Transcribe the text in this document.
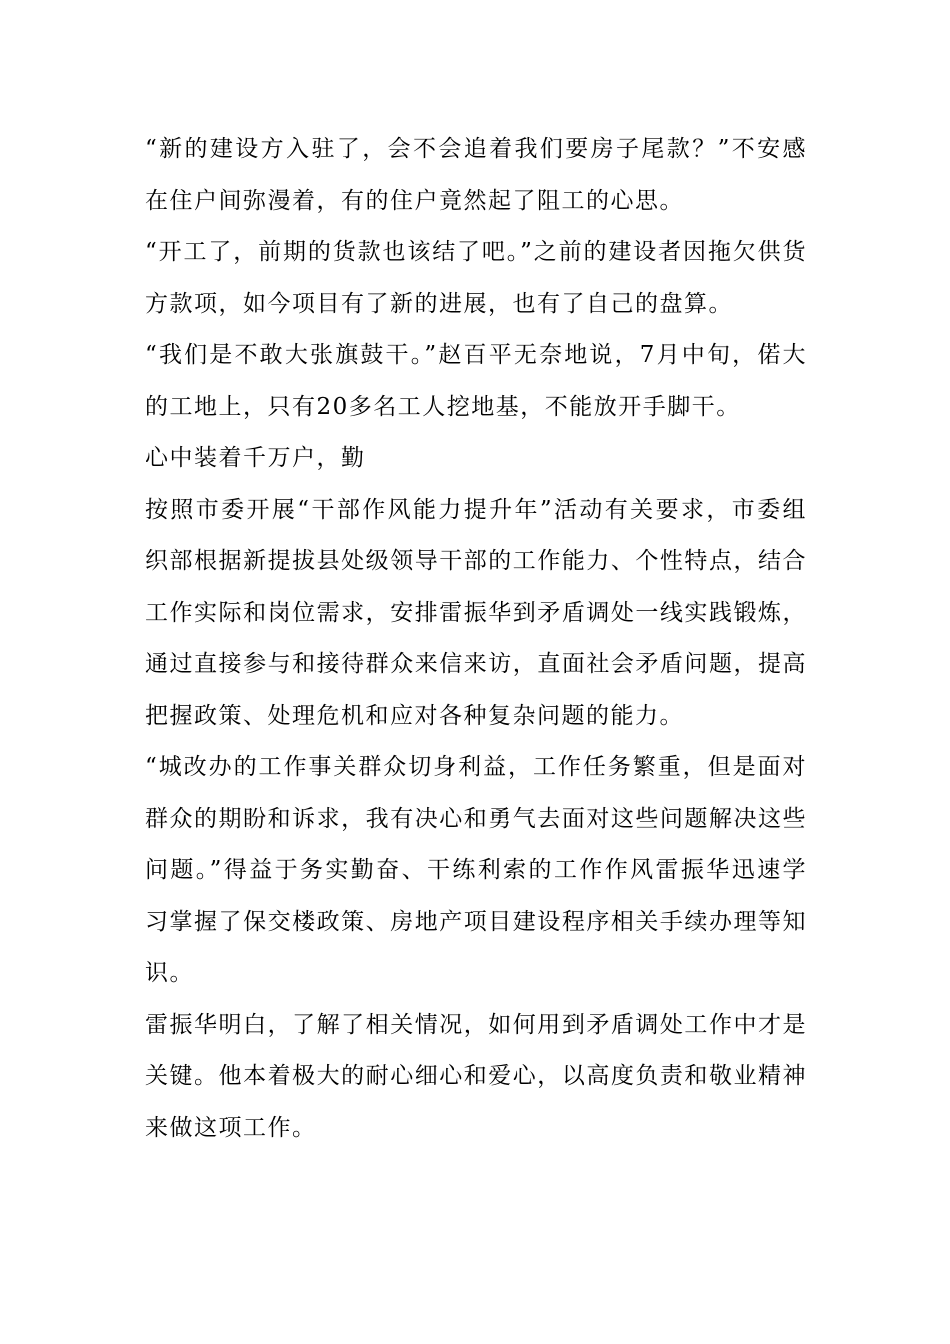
“新的建设方入驻了，会不会追着我们要房子尾款？”不安感在住户间弥漫着，有的住户竟然起了阻工的心思。

“开工了，前期的货款也该结了吧。”之前的建设者因拖欠供货方款项，如今项目有了新的进展，也有了自己的盘算。

“我们是不敢大张旗鼓干。”赵百平无奈地说，7月中旬，偌大的工地上，只有20多名工人挖地基，不能放开手脚干。

心中装着千万户，勤

按照市委开展“干部作风能力提升年”活动有关要求，市委组织部根据新提拔县处级领导干部的工作能力、个性特点，结合工作实际和岗位需求，安排雷振华到矛盾调处一线实践锻炼，通过直接参与和接待群众来信来访，直面社会矛盾问题，提高把握政策、处理危机和应对各种复杂问题的能力。

“城改办的工作事关群众切身利益，工作任务繁重，但是面对群众的期盼和诉求，我有决心和勇气去面对这些问题解决这些问题。”得益于务实勤奋、干练利索的工作作风雷振华迅速学习掌握了保交楼政策、房地产项目建设程序相关手续办理等知识。

雷振华明白，了解了相关情况，如何用到矛盾调处工作中才是关键。他本着极大的耐心细心和爱心，以高度负责和敬业精神来做这项工作。
